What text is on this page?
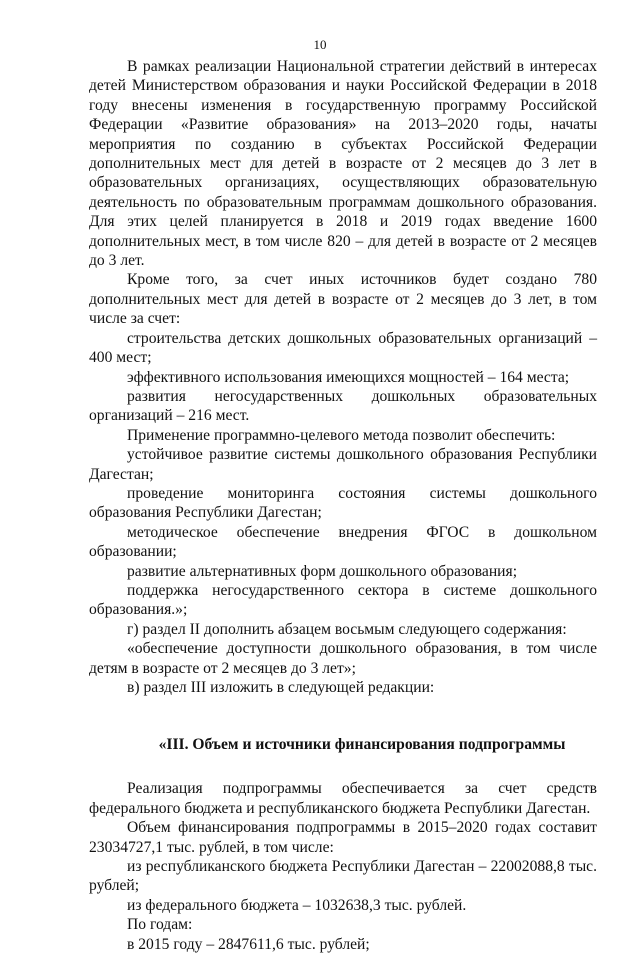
10

В рамках реализации Национальной стратегии действий в интересах детей Министерством образования и науки Российской Федерации в 2018 году внесены изменения в государственную программу Российской Федерации «Развитие образования» на 2013–2020 годы, начаты мероприятия по созданию в субъектах Российской Федерации дополнительных мест для детей в возрасте от 2 месяцев до 3 лет в образовательных организациях, осуществляющих образовательную деятельность по образовательным программам дошкольного образования. Для этих целей планируется в 2018 и 2019 годах введение 1600 дополнительных мест, в том числе 820 – для детей в возрасте от 2 месяцев до 3 лет.

Кроме того, за счет иных источников будет создано 780 дополнительных мест для детей в возрасте от 2 месяцев до 3 лет, в том числе за счет:

строительства детских дошкольных образовательных организаций – 400 мест;

эффективного использования имеющихся мощностей – 164 места;

развития негосударственных дошкольных образовательных организаций – 216 мест.

Применение программно-целевого метода позволит обеспечить:

устойчивое развитие системы дошкольного образования Республики Дагестан;

проведение мониторинга состояния системы дошкольного образования Республики Дагестан;

методическое обеспечение внедрения ФГОС в дошкольном образовании;

развитие альтернативных форм дошкольного образования;

поддержка негосударственного сектора в системе дошкольного образования.»;

г) раздел II дополнить абзацем восьмым следующего содержания:

«обеспечение доступности дошкольного образования, в том числе детям в возрасте от 2 месяцев до 3 лет»;

в) раздел III изложить в следующей редакции:

«III. Объем и источники финансирования подпрограммы

Реализация подпрограммы обеспечивается за счет средств федерального бюджета и республиканского бюджета Республики Дагестан.

Объем финансирования подпрограммы в 2015–2020 годах составит 23034727,1 тыс. рублей, в том числе:

из республиканского бюджета Республики Дагестан – 22002088,8 тыс. рублей;

из федерального бюджета – 1032638,3 тыс. рублей.

По годам:

в 2015 году – 2847611,6 тыс. рублей;
